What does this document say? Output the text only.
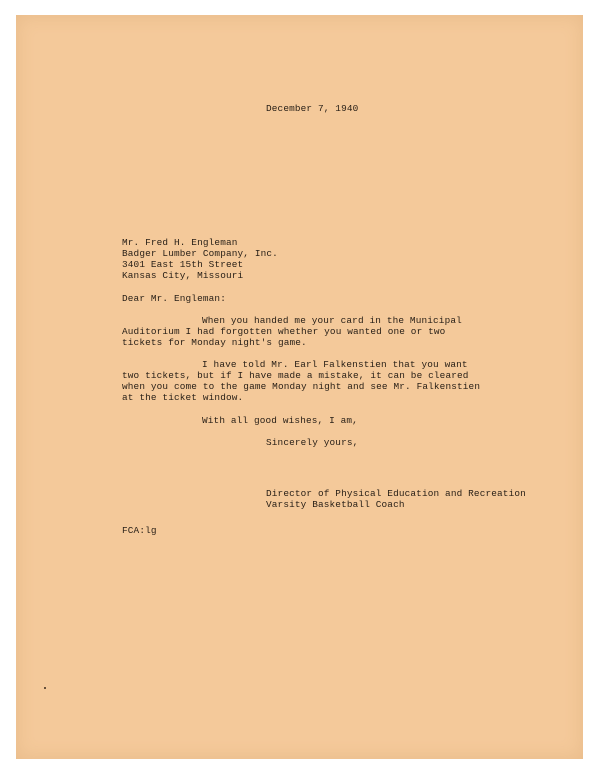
December 7, 1940
Mr. Fred H. Engleman
Badger Lumber Company, Inc.
3401 East 15th Street
Kansas City, Missouri
Dear Mr. Engleman:
When you handed me your card in the Municipal
Auditorium I had forgotten whether you wanted one or two
tickets for Monday night's game.
I have told Mr. Earl Falkenstien that you want
two tickets, but if I have made a mistake, it can be cleared
when you come to the game Monday night and see Mr. Falkenstien
at the ticket window.
With all good wishes, I am,
Sincerely yours,
Director of Physical Education and Recreation
Varsity Basketball Coach
FCA:lg
